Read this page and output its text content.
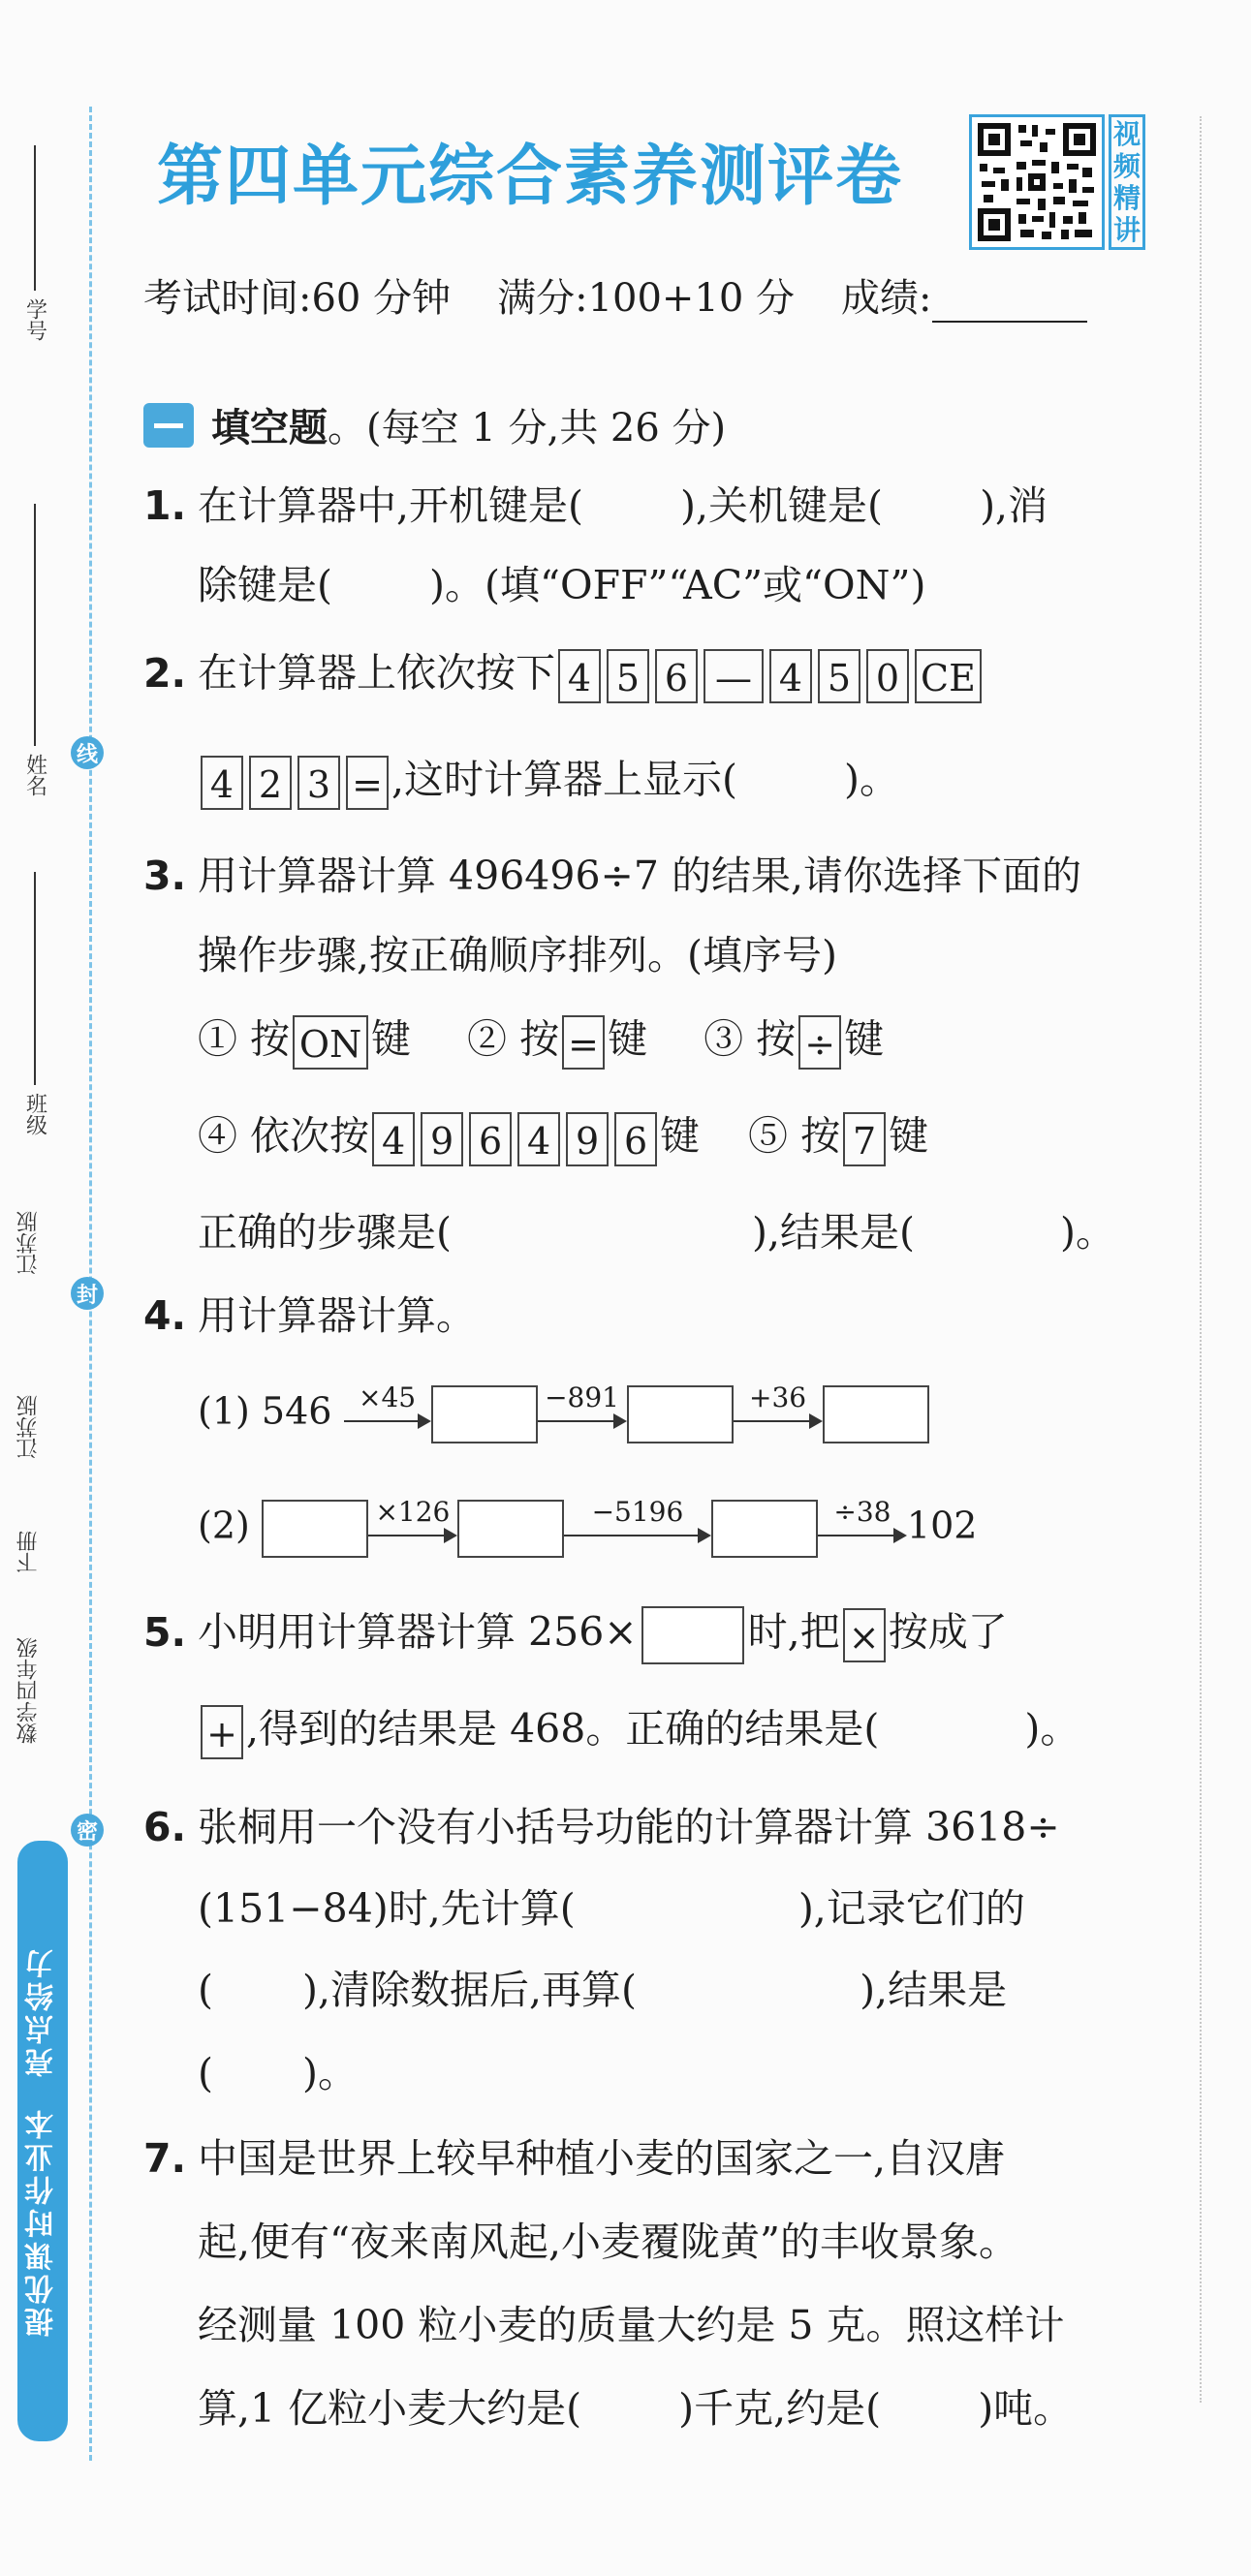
学号
姓名
班级
线
封
密
江苏版
江苏版
下册
数学四年级
提优课时作业本
亮点给力
第四单元综合素养测评卷
视
频
精
讲
考试时间:60 分钟 满分:100+10 分 成绩:
填空题 。(每空 1 分,共 26 分)
1. 在计算器中,开机键是( ),关机键是( ),消
除键是( )。(填“OFF”“AC”或“ON”)
2. 在计算器上依次按下 4 5 6 — 4 5 0 CE
4 2 3 = ,这时计算器上显示(	)。
3. 用计算器计算 496496÷7 的结果,请你选择下面的
操作步骤,按正确顺序排列。(填序号)
① 按 ON 键 ② 按 = 键 ③ 按 ÷ 键
④ 依次按 4 9 6 4 9 6 键 ⑤ 按 7 键
正确的步骤是(	),结果是(	)。
4. 用计算器计算。
(1) 546 ×45	−891	+36
(2)	×126	−5196	÷38 102
5. 小明用计算器计算 256×	时,把 × 按成了
+ ,得到的结果是 468。正确的结果是(	)。
6. 张桐用一个没有小括号功能的计算器计算 3618÷
(151−84)时,先计算(	),记录它们的
( ),清除数据后,再算(	),结果是
( )。
7. 中国是世界上较早种植小麦的国家之一,自汉唐
起,便有“夜来南风起,小麦覆陇黄”的丰收景象。
经测量 100 粒小麦的质量大约是 5 克。照这样计
算,1 亿粒小麦大约是( )千克,约是( )吨。
